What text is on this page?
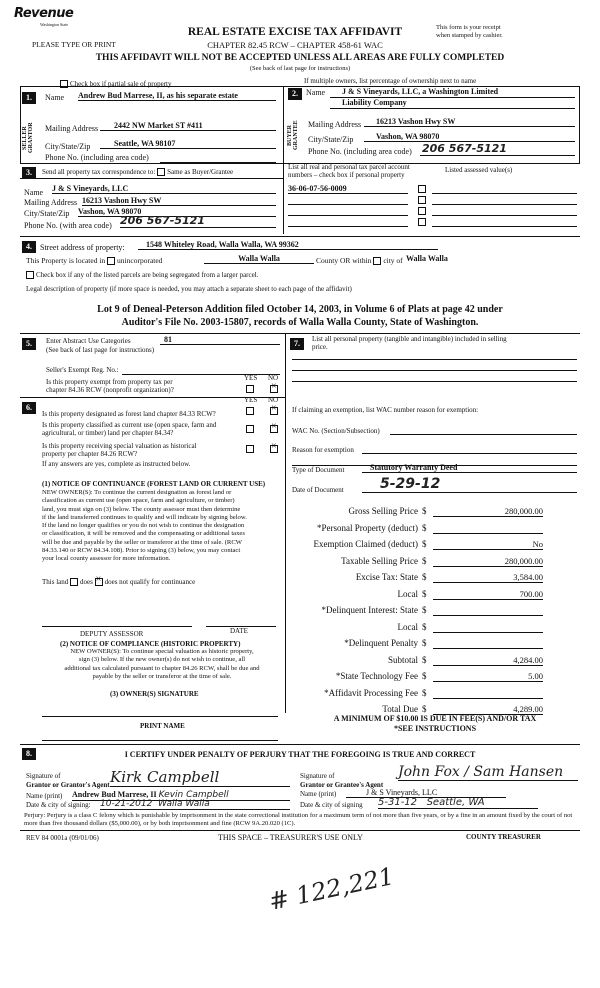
Revenue
Washington State
PLEASE TYPE OR PRINT
REAL ESTATE EXCISE TAX AFFIDAVIT
CHAPTER 82.45 RCW – CHAPTER 458-61 WAC
THIS AFFIDAVIT WILL NOT BE ACCEPTED UNLESS ALL AREAS ARE FULLY COMPLETED
(See back of last page for instructions)
This form is your receipt
when stamped by cashier.
Check box if partial sale of property	If multiple owners, list percentage of ownership next to name
1.	2.
SELLER GRANTOR	BUYER GRANTEE
Name Andrew Bud Marrese, II, as his separate estate
Mailing Address	2442 NW Market ST #411
City/State/Zip	Seattle, WA 98107
Phone No. (including area code)
Name	J & S Vineyards, LLC, a Washington Limited
Liability Company
Mailing Address	16213 Vashon Hwy SW
City/State/Zip	Vashon, WA 98070
Phone No. (including area code) 206 567-5121
3.	Send all property tax correspondence to: Same as Buyer/Grantee
List all real and personal tax parcel account
numbers – check box if personal property
Listed assessed value(s)
Name J & S Vineyards, LLC
Mailing Address 16213 Vashon Hwy SW
City/State/Zip Vashon, WA 98070
Phone No. (with area code) 206 567-5121
36-06-07-56-0009
4.	Street address of property:	1548 Whiteley Road, Walla Walla, WA 99362
This Property is located in unincorporated	Walla Walla	County OR within city of Walla Walla
Check box if any of the listed parcels are being segregated from a larger parcel.
Legal description of property (if more space is needed, you may attach a separate sheet to each page of the affidavit)
Lot 9 of Deneal-Peterson Addition filed October 14, 2003, in Volume 6 of Plats at page 42 under
Auditor's File No. 2003-15807, records of Walla Walla County, State of Washington.
5.	Enter Abstract Use Categories	81
(See back of last page for instructions)
Seller's Exempt Reg. No.:
YES NO
Is this property exempt from property tax per
chapter 84.36 RCW (nonprofit organization)?
×
6.
YES NO
Is this property designated as forest land chapter 84.33 RCW?
×
Is this property classified as current use (open space, farm and
agricultural, or timber) land per chapter 84.34?
×
Is this property receiving special valuation as historical
property per chapter 84.26 RCW?
×
If any answers are yes, complete as instructed below.
(1) NOTICE OF CONTINUANCE (FOREST LAND OR CURRENT USE)
NEW OWNER(S): To continue the current designation as forest land or
classification as current use (open space, farm and agriculture, or timber)
land, you must sign on (3) below. The county assessor must then determine
if the land transferred continues to qualify and will indicate by signing below.
If the land no longer qualifies or you do not wish to continue the designation
or classification, it will be removed and the compensating or additional taxes
will be due and payable by the seller or transferor at the time of sale. (RCW
84.33.140 or RCW 84.34.108). Prior to signing (3) below, you may contact
your local county assessor for more information.
This land does × does not qualify for continuance
DEPUTY ASSESSOR	DATE
(2) NOTICE OF COMPLIANCE (HISTORIC PROPERTY)
NEW OWNER(S): To continue special valuation as historic property,
sign (3) below. If the new owner(s) do not wish to continue, all
additional tax calculated pursuant to chapter 84.26 RCW, shall be due and
payable by the seller or transferor at the time of sale.
(3) OWNER(S) SIGNATURE
PRINT NAME
7.	List all personal property (tangible and intangible) included in selling
price.
If claiming an exemption, list WAC number reason for exemption:
WAC No. (Section/Subsection)
Reason for exemption
Type of Document	Statutory Warranty Deed
Date of Document	5-29-12
Gross Selling Price $	280,000.00
*Personal Property (deduct) $
Exemption Claimed (deduct) $	No
Taxable Selling Price $	280,000.00
Excise Tax: State $	3,584.00
Local $	700.00
*Delinquent Interest: State $
Local $
*Delinquent Penalty $
Subtotal $	4,284.00
*State Technology Fee $	5.00
*Affidavit Processing Fee $
Total Due $	4,289.00
A MINIMUM OF $10.00 IS DUE IN FEE(S) AND/OR TAX
*SEE INSTRUCTIONS
8.	I CERTIFY UNDER PENALTY OF PERJURY THAT THE FOREGOING IS TRUE AND CORRECT
Signature of
Grantor or Grantor's Agent Kirk Campbell
Name (print) Andrew Bud Marrese, II Kevin Campbell
Date & city of signing: 10-21-2012 Walla Walla
Signature of
Grantor or Grantee's Agent
John Fox / Sam Hansen
Name (print)	J & S Vineyards, LLC
Date & city of signing 5-31-12 Seattle, WA
Perjury: Perjury is a class C felony which is punishable by imprisonment in the state correctional institution for a maximum term of not more than five years, or by a fine in an amount fixed by the court of not more than five thousand dollars ($5,000.00), or by both imprisonment and fine (RCW 9A.20.020 (1C).
REV 84 0001a (09/01/06)	THIS SPACE – TREASURER'S USE ONLY	COUNTY TREASURER
# 122,221
